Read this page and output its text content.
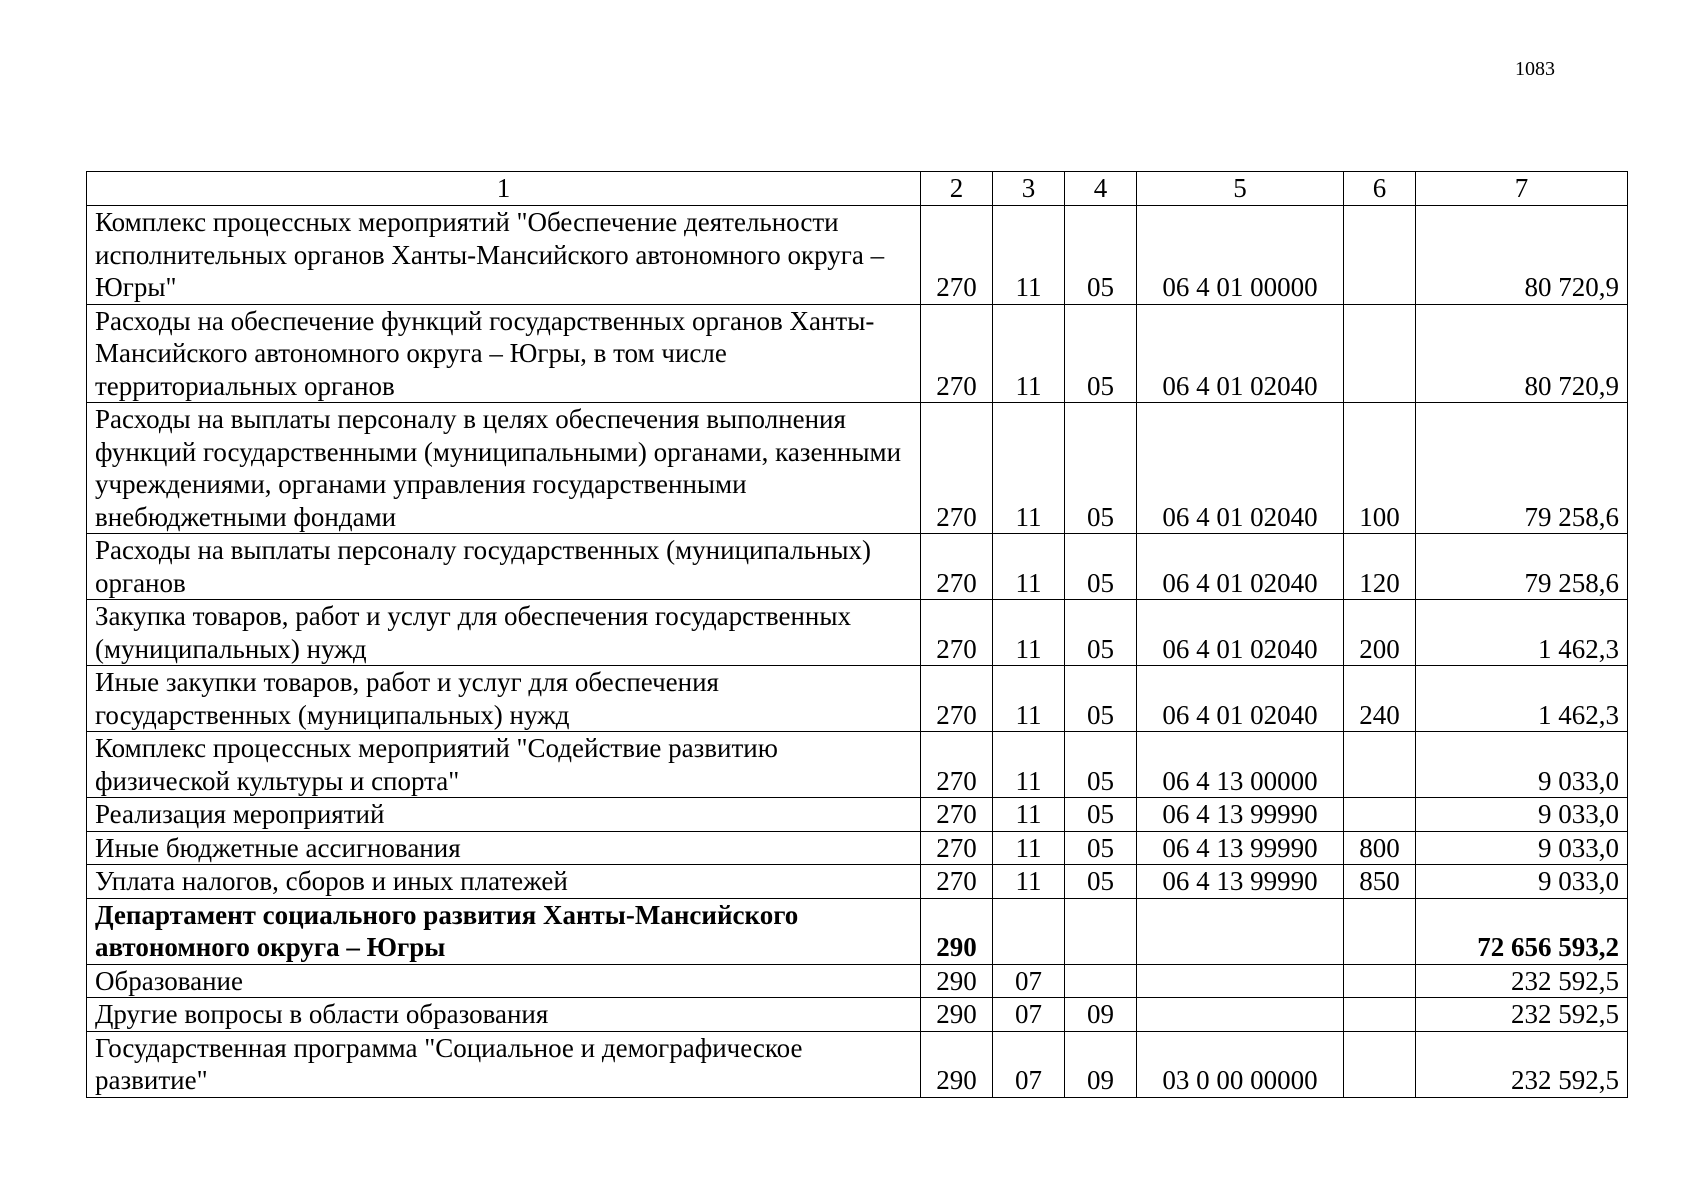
1083
1	2	3	4	5	6	7
Комплекс процессных мероприятий "Обеспечение деятельности исполнительных органов Ханты-Мансийского автономного округа – Югры"	270	11	05	06 4 01 00000		80 720,9
Расходы на обеспечение функций государственных органов Ханты-Мансийского автономного округа – Югры, в том числе территориальных органов	270	11	05	06 4 01 02040		80 720,9
Расходы на выплаты персоналу в целях обеспечения выполнения функций государственными (муниципальными) органами, казенными учреждениями, органами управления государственными внебюджетными фондами	270	11	05	06 4 01 02040	100	79 258,6
Расходы на выплаты персоналу государственных (муниципальных) органов	270	11	05	06 4 01 02040	120	79 258,6
Закупка товаров, работ и услуг для обеспечения государственных (муниципальных) нужд	270	11	05	06 4 01 02040	200	1 462,3
Иные закупки товаров, работ и услуг для обеспечения государственных (муниципальных) нужд	270	11	05	06 4 01 02040	240	1 462,3
Комплекс процессных мероприятий "Содействие развитию физической культуры и спорта"	270	11	05	06 4 13 00000		9 033,0
Реализация мероприятий	270	11	05	06 4 13 99990		9 033,0
Иные бюджетные ассигнования	270	11	05	06 4 13 99990	800	9 033,0
Уплата налогов, сборов и иных платежей	270	11	05	06 4 13 99990	850	9 033,0
Департамент социального развития Ханты-Мансийского автономного округа – Югры	290					72 656 593,2
Образование	290	07				232 592,5
Другие вопросы в области образования	290	07	09			232 592,5
Государственная программа "Социальное и демографическое развитие"	290	07	09	03 0 00 00000		232 592,5
